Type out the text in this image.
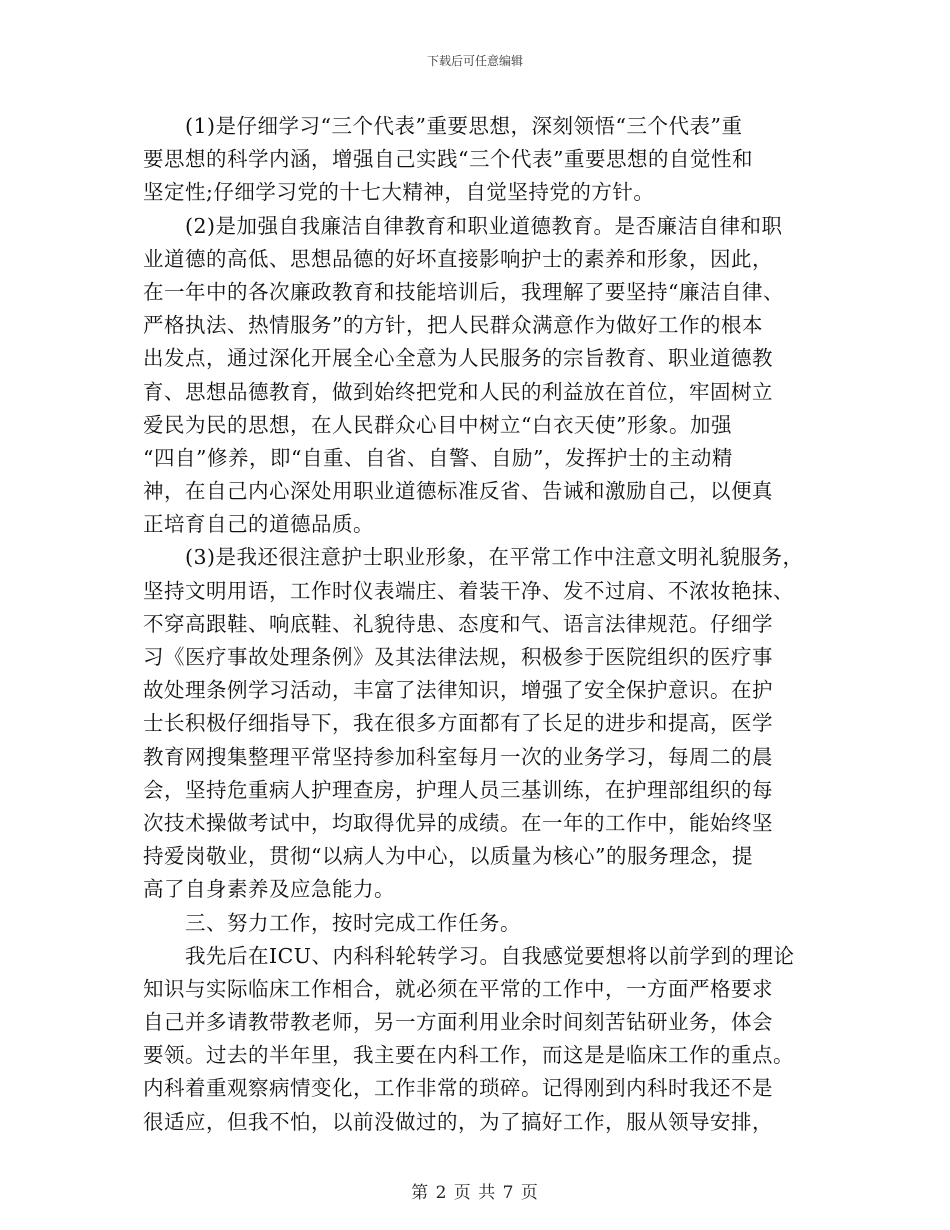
下载后可任意编辑
(1)是仔细学习“三个代表”重要思想，深刻领悟“三个代表”重
要思想的科学内涵，增强自己实践“三个代表”重要思想的自觉性和
坚定性;仔细学习党的十七大精神，自觉坚持党的方针。
(2)是加强自我廉洁自律教育和职业道德教育。是否廉洁自律和职
业道德的高低、思想品德的好坏直接影响护士的素养和形象，因此，
在一年中的各次廉政教育和技能培训后，我理解了要坚持“廉洁自律、
严格执法、热情服务”的方针，把人民群众满意作为做好工作的根本
出发点，通过深化开展全心全意为人民服务的宗旨教育、职业道德教
育、思想品德教育，做到始终把党和人民的利益放在首位，牢固树立
爱民为民的思想，在人民群众心目中树立“白衣天使”形象。加强
“四自”修养，即“自重、自省、自警、自励”，发挥护士的主动精
神，在自己内心深处用职业道德标准反省、告诫和激励自己，以便真
正培育自己的道德品质。
(3)是我还很注意护士职业形象，在平常工作中注意文明礼貌服务，
坚持文明用语，工作时仪表端庄、着装干净、发不过肩、不浓妆艳抹、
不穿高跟鞋、响底鞋、礼貌待患、态度和气、语言法律规范。仔细学
习《医疗事故处理条例》及其法律法规，积极参于医院组织的医疗事
故处理条例学习活动，丰富了法律知识，增强了安全保护意识。在护
士长积极仔细指导下，我在很多方面都有了长足的进步和提高，医学
教育网搜集整理平常坚持参加科室每月一次的业务学习，每周二的晨
会，坚持危重病人护理查房，护理人员三基训练，在护理部组织的每
次技术操做考试中，均取得优异的成绩。在一年的工作中，能始终坚
持爱岗敬业，贯彻“以病人为中心，以质量为核心”的服务理念，提
高了自身素养及应急能力。
三、努力工作，按时完成工作任务。
我先后在ICU、内科科轮转学习。自我感觉要想将以前学到的理论
知识与实际临床工作相合，就必须在平常的工作中，一方面严格要求
自己并多请教带教老师，另一方面利用业余时间刻苦钻研业务，体会
要领。过去的半年里，我主要在内科工作，而这是是临床工作的重点。
内科着重观察病情变化，工作非常的琐碎。记得刚到内科时我还不是
很适应，但我不怕，以前没做过的，为了搞好工作，服从领导安排，
第 2 页 共 7 页
